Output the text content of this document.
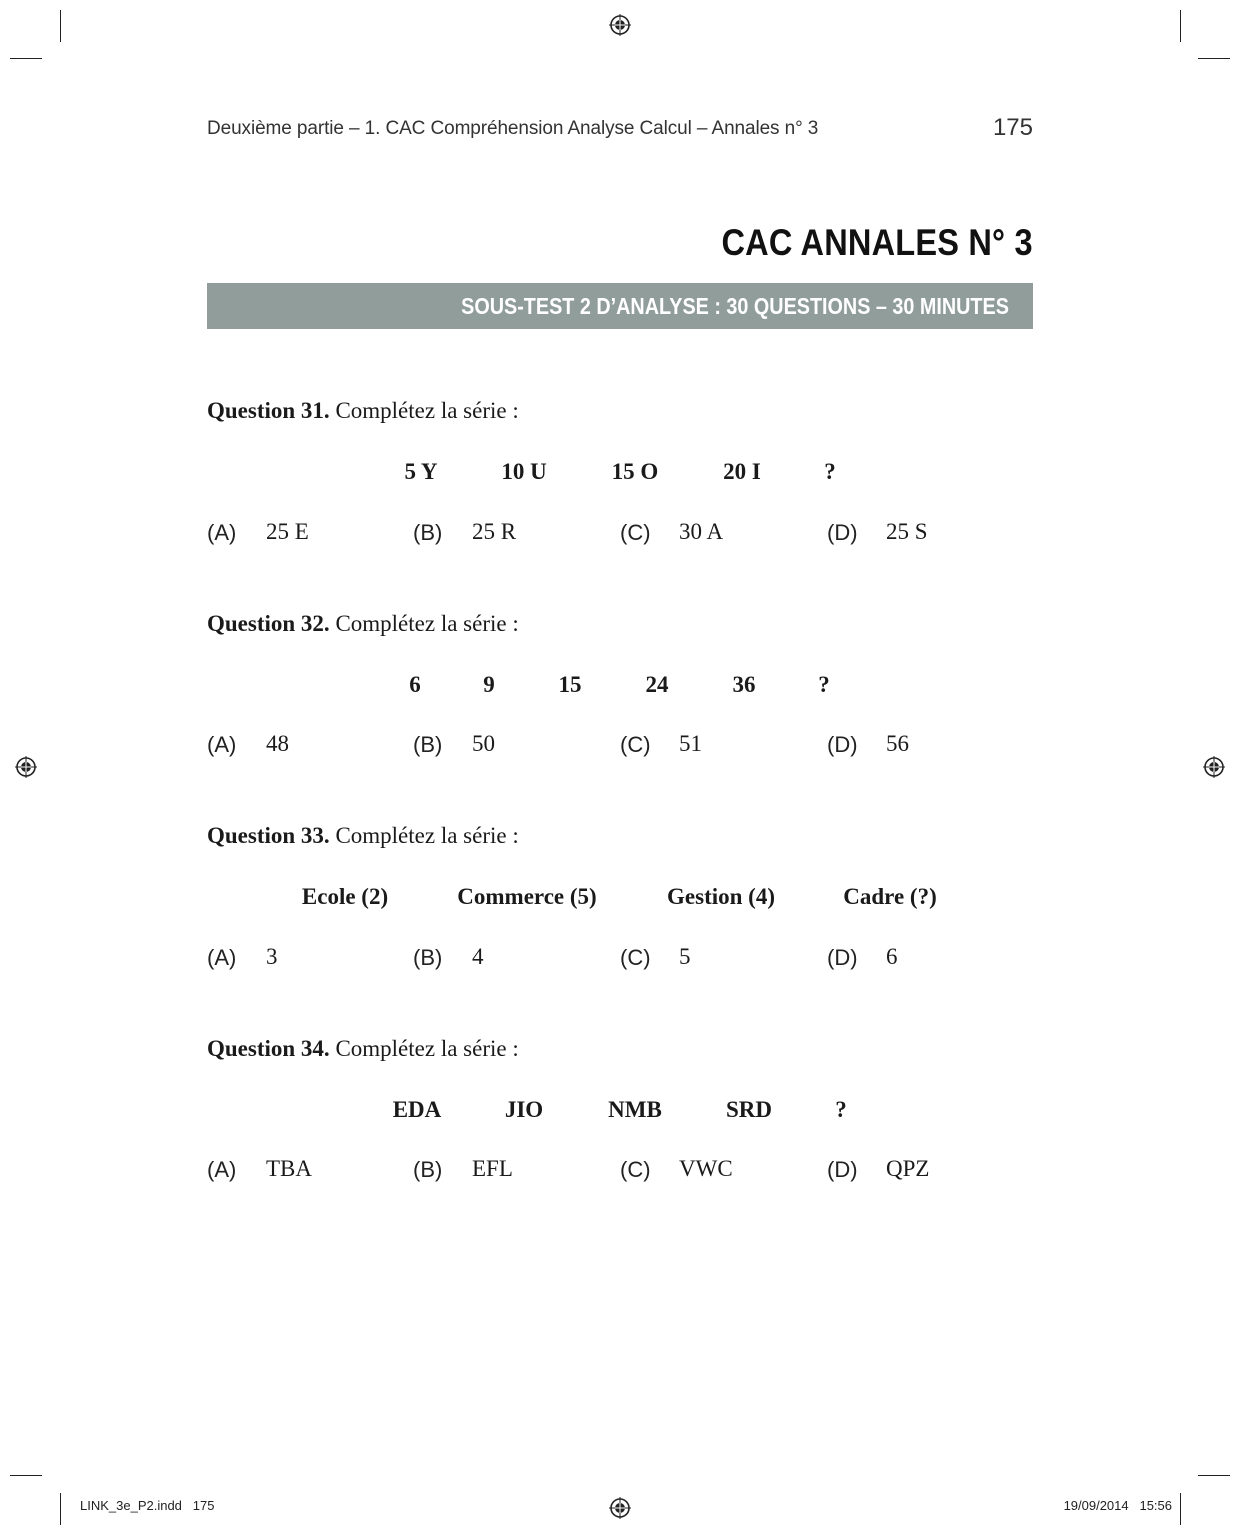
Deuxième partie – 1. CAC Compréhension Analyse Calcul – Annales n° 3	175
CAC ANNALES N° 3
SOUS-TEST 2 D’ANALYSE : 30 QUESTIONS – 30 MINUTES
Question 31. Complétez la série :
5 Y	10 U	15 O	20 I	?
(A) 25 E	(B) 25 R	(C) 30 A	(D) 25 S
Question 32. Complétez la série :
6	9	15	24	36	?
(A) 48	(B) 50	(C) 51	(D) 56
Question 33. Complétez la série :
Ecole (2)	Commerce (5)	Gestion (4)	Cadre (?)
(A) 3	(B) 4	(C) 5	(D) 6
Question 34. Complétez la série :
EDA	JIO	NMB	SRD	?
(A) TBA	(B) EFL	(C) VWC	(D) QPZ
LINK_3e_P2.indd   175	19/09/2014   15:56
